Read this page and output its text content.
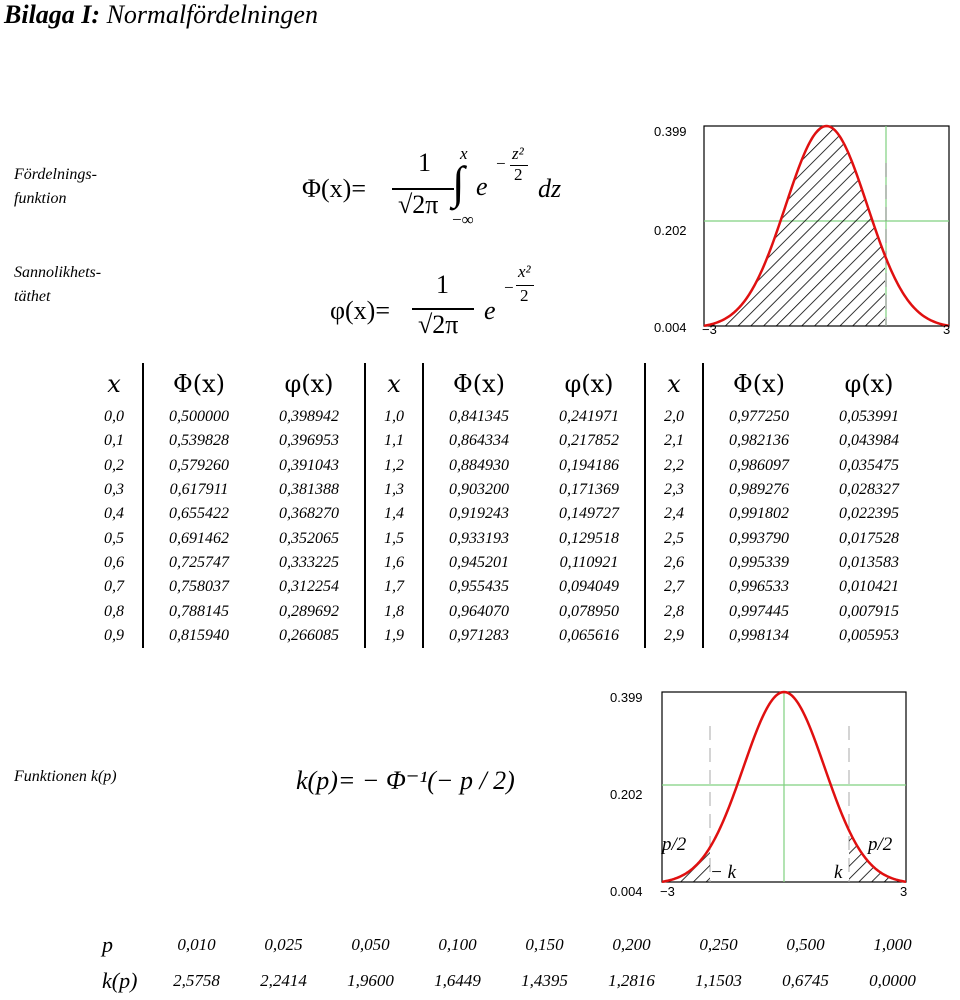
Bilaga I: Normalfördelningen
Fördelnings-
funktion
Sannolikhets-
täthet
Funktionen k(p)
Φ(x)=
1
√2π
x
∫
−∞
e
−
z²
2 dz
φ(x)=
1
√2π e
−
x²
2
0.399
0.202
0.004 −3	3
x	Φ(x)	φ(x)	x	Φ(x)	φ(x)	x	Φ(x)	φ(x)
0,0	0,500000	0,398942	1,0	0,841345	0,241971	2,0	0,977250	0,053991
0,1	0,539828	0,396953	1,1	0,864334	0,217852	2,1	0,982136	0,043984
0,2	0,579260	0,391043	1,2	0,884930	0,194186	2,2	0,986097	0,035475
0,3	0,617911	0,381388	1,3	0,903200	0,171369	2,3	0,989276	0,028327
0,4	0,655422	0,368270	1,4	0,919243	0,149727	2,4	0,991802	0,022395
0,5	0,691462	0,352065	1,5	0,933193	0,129518	2,5	0,993790	0,017528
0,6	0,725747	0,333225	1,6	0,945201	0,110921	2,6	0,995339	0,013583
0,7	0,758037	0,312254	1,7	0,955435	0,094049	2,7	0,996533	0,010421
0,8	0,788145	0,289692	1,8	0,964070	0,078950	2,8	0,997445	0,007915
0,9	0,815940	0,266085	1,9	0,971283	0,065616	2,9	0,998134	0,005953
k(p)= − Φ⁻¹(− p / 2)
p/2	p/2
− k	k
0.399
0.202
0.004 −3	3
p	0,010	0,025	0,050	0,100	0,150	0,200	0,250	0,500	1,000
k(p)	2,5758	2,2414	1,9600	1,6449	1,4395	1,2816	1,1503	0,6745	0,0000
